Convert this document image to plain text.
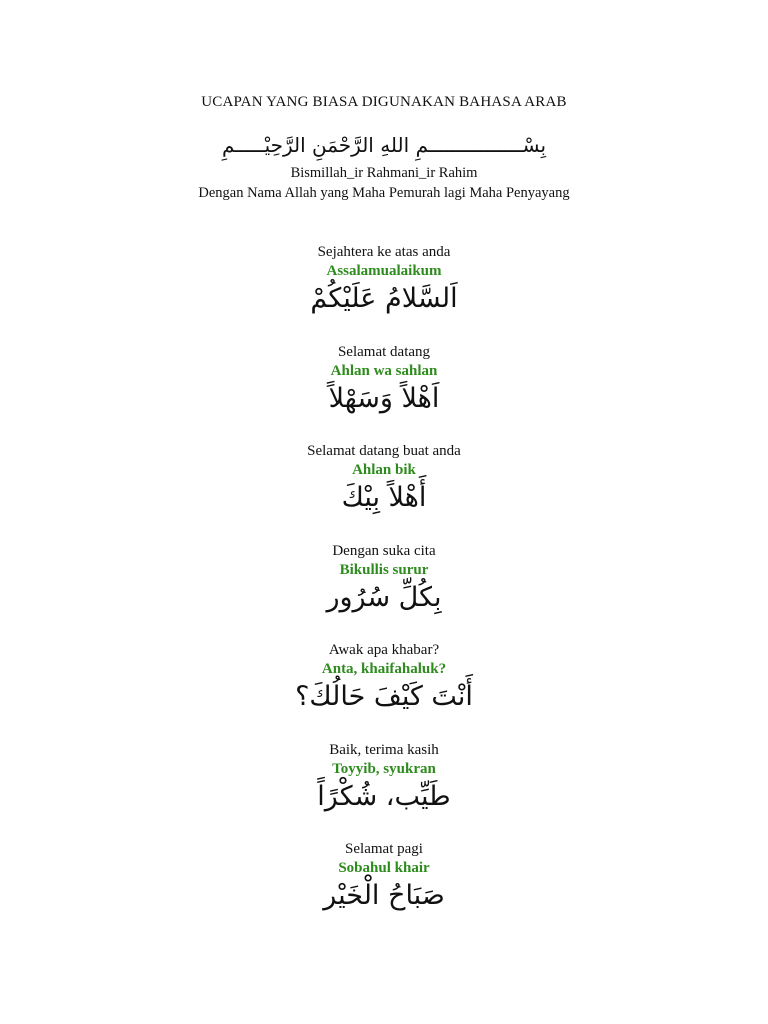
UCAPAN YANG BIASA DIGUNAKAN BAHASA ARAB
بِسْــــــــــــــــمِ اللهِ الرَّحْمَنِ الرَّحِيْـــــمِ
Bismillah_ir Rahmani_ir Rahim
Dengan Nama Allah yang Maha Pemurah lagi Maha Penyayang
Sejahtera ke atas anda
Assalamualaikum
اَلسَّلامُ عَلَيْكُمْ
Selamat datang
Ahlan wa sahlan
اَهْلاً وَسَهْلاً
Selamat datang buat anda
Ahlan bik
أَهْلاً بِيْكَ
Dengan suka cita
Bikullis surur
بِكُلِّ سُرُور
Awak apa khabar?
Anta, khaifahaluk?
أَنْتَ كَيْفَ حَالُكَ؟
Baik, terima kasih
Toyyib, syukran
طَيِّب، شُكْرًاً
Selamat pagi
Sobahul khair
صَبَاحُ الْخَيْر
